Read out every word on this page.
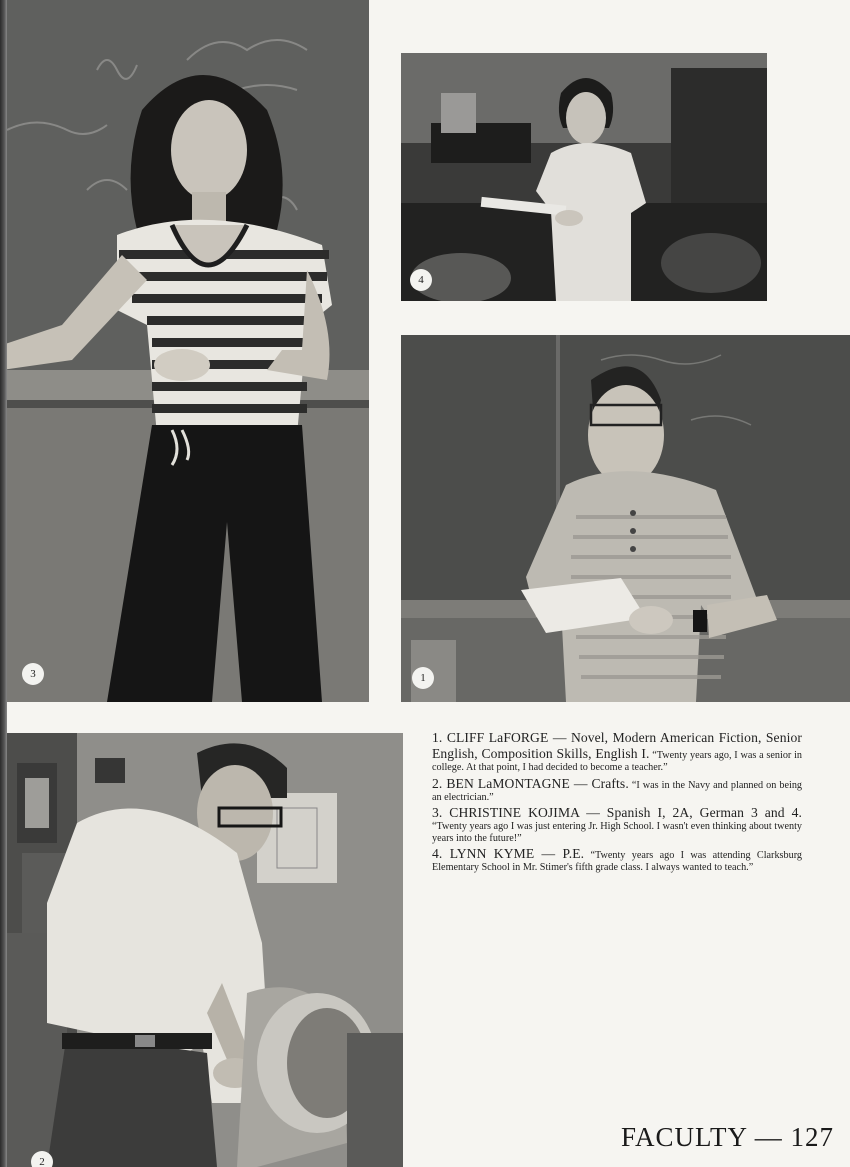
3
4
1
2

1. CLIFF LaFORGE — Novel, Modern American Fiction, Senior English, Composition Skills, English I. “Twenty years ago, I was a senior in college. At that point, I had decided to become a teacher.”

2. BEN LaMONTAGNE — Crafts. “I was in the Navy and planned on being an electrician.”

3. CHRISTINE KOJIMA — Spanish I, 2A, German 3 and 4. “Twenty years ago I was just entering Jr. High School. I wasn't even thinking about twenty years into the future!”

4. LYNN KYME — P.E. “Twenty years ago I was attending Clarksburg Elementary School in Mr. Stimer's fifth grade class. I always wanted to teach.”

FACULTY — 127
